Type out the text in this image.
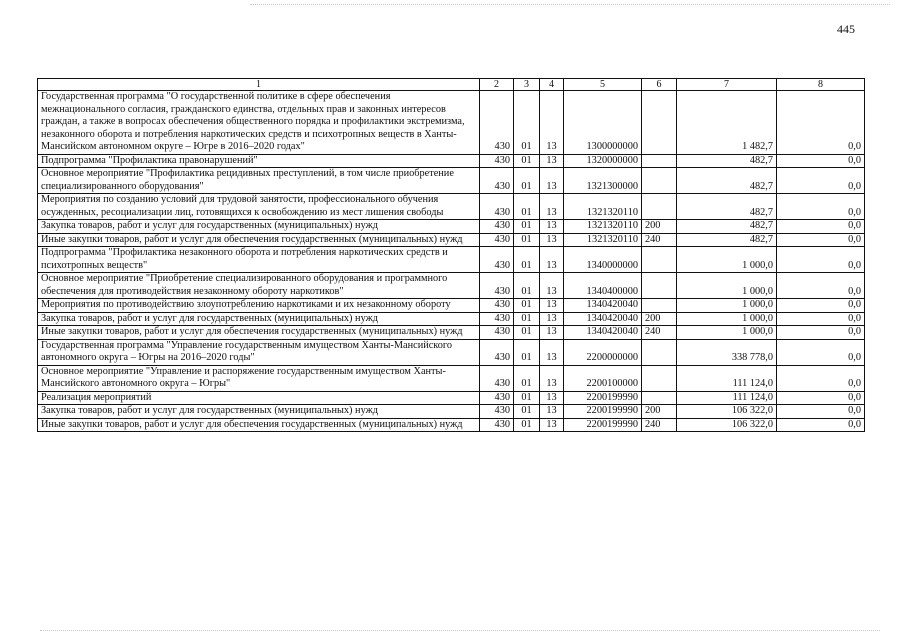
445
1	2	3	4	5	6	7	8
Государственная программа "О государственной политике в сфере обеспечения межнационального согласия, гражданского единства, отдельных прав и законных интересов граждан, а также в вопросах обеспечения общественного порядка и профилактики экстремизма, незаконного оборота и потребления наркотических средств и психотропных веществ в Ханты-Мансийском автономном округе – Югре в 2016–2020 годах"	430	01	13	1300000000		1 482,7	0,0
Подпрограмма "Профилактика правонарушений"	430	01	13	1320000000		482,7	0,0
Основное мероприятие "Профилактика рецидивных преступлений, в том числе приобретение специализированного оборудования"	430	01	13	1321300000		482,7	0,0
Мероприятия по созданию условий для трудовой занятости, профессионального обучения осужденных, ресоциализации лиц, готовящихся к освобождению из мест лишения свободы	430	01	13	1321320110		482,7	0,0
Закупка товаров, работ и услуг для государственных (муниципальных) нужд	430	01	13	1321320110	200	482,7	0,0
Иные закупки товаров, работ и услуг для обеспечения государственных (муниципальных) нужд	430	01	13	1321320110	240	482,7	0,0
Подпрограмма "Профилактика незаконного оборота и потребления наркотических средств и психотропных веществ"	430	01	13	1340000000		1 000,0	0,0
Основное мероприятие "Приобретение специализированного оборудования и программного обеспечения для противодействия незаконному обороту наркотиков"	430	01	13	1340400000		1 000,0	0,0
Мероприятия по противодействию злоупотреблению наркотиками и их незаконному обороту	430	01	13	1340420040		1 000,0	0,0
Закупка товаров, работ и услуг для государственных (муниципальных) нужд	430	01	13	1340420040	200	1 000,0	0,0
Иные закупки товаров, работ и услуг для обеспечения государственных (муниципальных) нужд	430	01	13	1340420040	240	1 000,0	0,0
Государственная программа "Управление государственным имуществом Ханты-Мансийского автономного округа – Югры на 2016–2020 годы"	430	01	13	2200000000		338 778,0	0,0
Основное мероприятие "Управление и распоряжение государственным имуществом Ханты-Мансийского автономного округа – Югры"	430	01	13	2200100000		111 124,0	0,0
Реализация мероприятий	430	01	13	2200199990		111 124,0	0,0
Закупка товаров, работ и услуг для государственных (муниципальных) нужд	430	01	13	2200199990	200	106 322,0	0,0
Иные закупки товаров, работ и услуг для обеспечения государственных (муниципальных) нужд	430	01	13	2200199990	240	106 322,0	0,0
